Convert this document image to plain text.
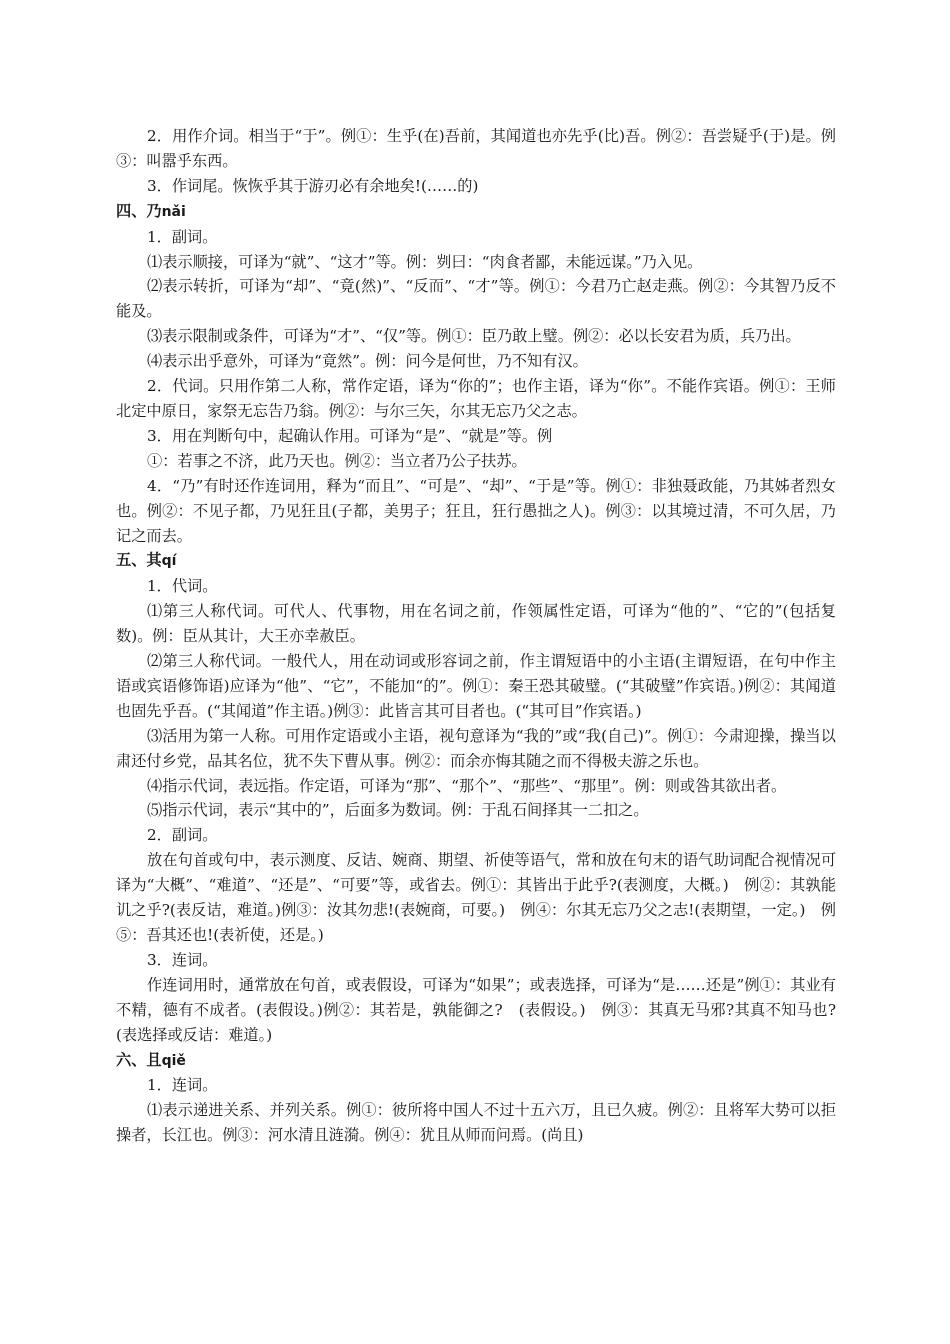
2．用作介词。相当于“于”。例①：生乎(在)吾前，其闻道也亦先乎(比)吾。例②：吾尝疑乎(于)是。例③：叫嚣乎东西。

3．作词尾。恢恢乎其于游刃必有余地矣!(……的)

四、乃nǎi

1．副词。

⑴表示顺接，可译为“就”、“这才”等。例：刿曰：“肉食者鄙，未能远谋。”乃入见。

⑵表示转折，可译为“却”、“竟(然)”、“反而”、“才”等。例①：今君乃亡赵走燕。例②：今其智乃反不能及。

⑶表示限制或条件，可译为“才”、“仅”等。例①：臣乃敢上璧。例②：必以长安君为质，兵乃出。

⑷表示出乎意外，可译为“竟然”。例：问今是何世，乃不知有汉。

2．代词。只用作第二人称，常作定语，译为“你的”；也作主语，译为“你”。不能作宾语。例①：王师北定中原日，家祭无忘告乃翁。例②：与尔三矢，尔其无忘乃父之志。

3．用在判断句中，起确认作用。可译为“是”、“就是”等。例

①：若事之不济，此乃天也。例②：当立者乃公子扶苏。

4．“乃”有时还作连词用，释为“而且”、“可是”、“却”、“于是”等。例①：非独聂政能，乃其姊者烈女也。例②：不见子都，乃见狂且(子都，美男子；狂且，狂行愚拙之人)。例③：以其境过清，不可久居，乃记之而去。

五、其qí

1．代词。

⑴第三人称代词。可代人、代事物，用在名词之前，作领属性定语，可译为“他的”、“它的”(包括复数)。例：臣从其计，大王亦幸赦臣。

⑵第三人称代词。一般代人，用在动词或形容词之前，作主谓短语中的小主语(主谓短语，在句中作主语或宾语修饰语)应译为“他”、“它”，不能加“的”。例①：秦王恐其破璧。(“其破璧”作宾语。)例②：其闻道也固先乎吾。(“其闻道”作主语。)例③：此皆言其可目者也。(“其可目”作宾语。)

⑶活用为第一人称。可用作定语或小主语，视句意译为“我的”或“我(自己)”。例①：今肃迎操，操当以肃还付乡党，品其名位，犹不失下曹从事。例②：而余亦悔其随之而不得极夫游之乐也。

⑷指示代词，表远指。作定语，可译为“那”、“那个”、“那些”、“那里”。例：则或咎其欲出者。

⑸指示代词，表示“其中的”，后面多为数词。例：于乱石间择其一二扣之。

2．副词。

放在句首或句中，表示测度、反诘、婉商、期望、祈使等语气，常和放在句末的语气助词配合视情况可译为“大概”、“难道”、“还是”、“可要”等，或省去。例①：其皆出于此乎?(表测度，大概。)　例②：其孰能讥之乎?(表反诘，难道。)例③：汝其勿悲!(表婉商，可要。)　例④：尔其无忘乃父之志!(表期望，一定。)　例⑤：吾其还也!(表祈使，还是。)

3．连词。

作连词用时，通常放在句首，或表假设，可译为“如果”；或表选择，可译为“是……还是”例①：其业有不精，德有不成者。(表假设。)例②：其若是，孰能御之?　(表假设。)　例③：其真无马邪?其真不知马也?(表选择或反诘：难道。)

六、且qiě

1．连词。

⑴表示递进关系、并列关系。例①：彼所将中国人不过十五六万，且已久疲。例②：且将军大势可以拒操者，长江也。例③：河水清且涟漪。例④：犹且从师而问焉。(尚且)
